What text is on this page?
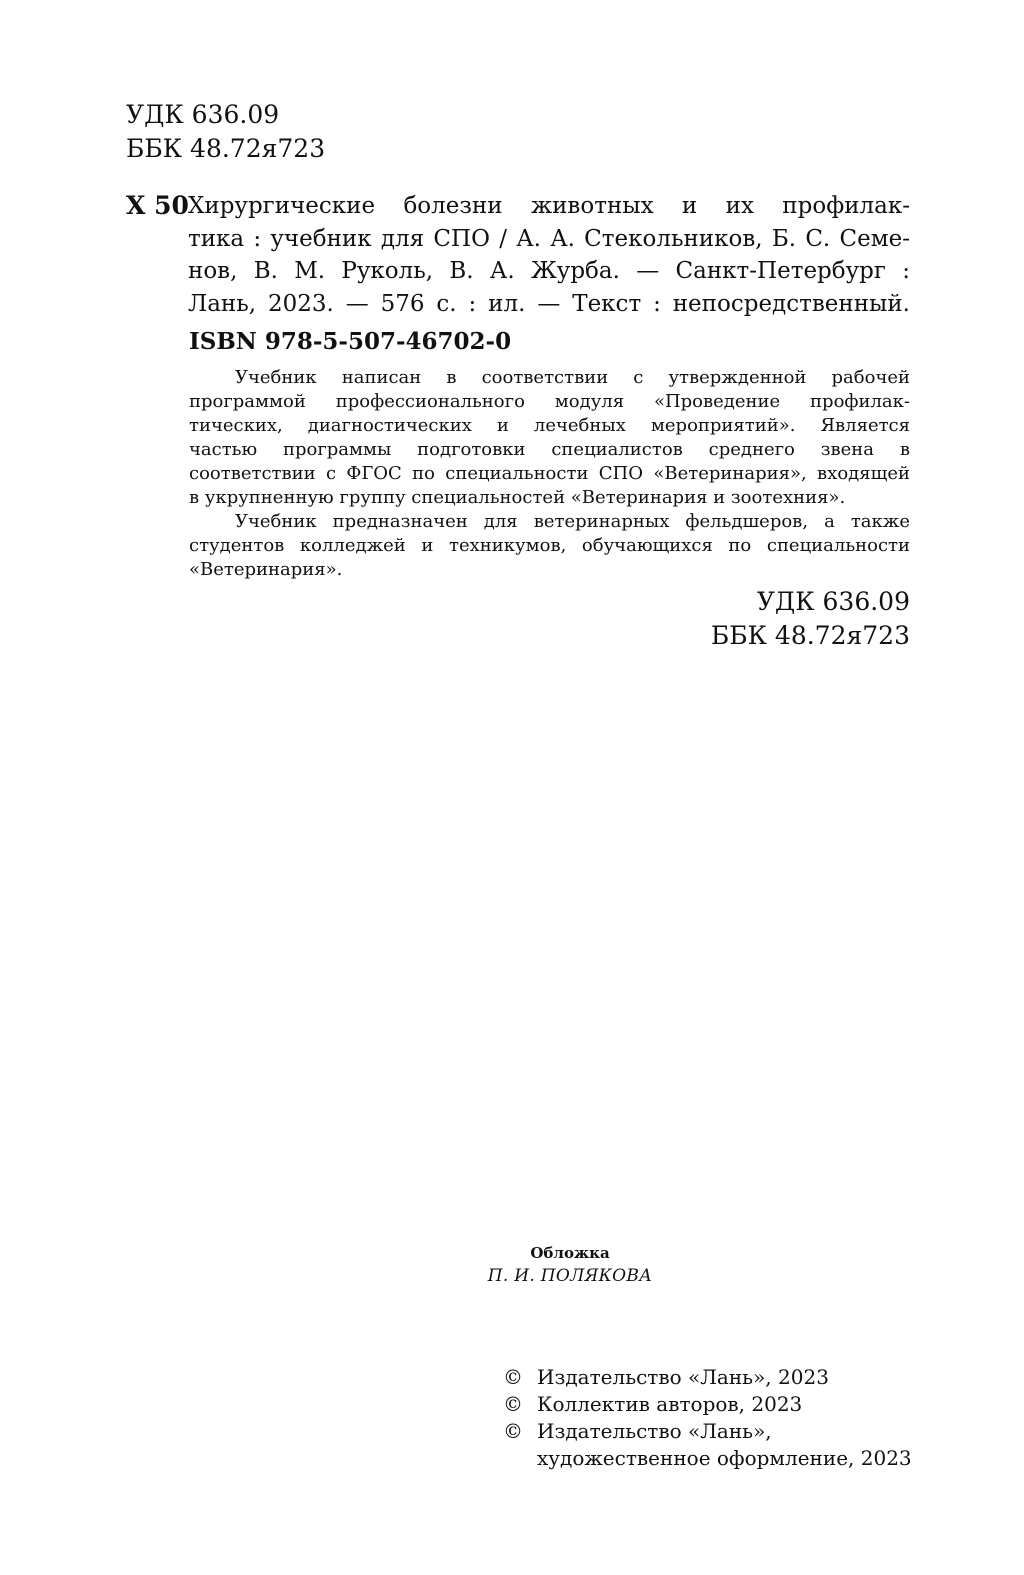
УДК 636.09
ББК 48.72я723
Х 50 Хирургические болезни животных и их профилак-
тика : учебник для СПО / А. А. Стекольников, Б. С. Семе-
нов, В. М. Руколь, В. А. Журба. — Санкт-Петербург :
Лань, 2023. — 576 с. : ил. — Текст : непосредственный.
ISBN 978-5-507-46702-0
Учебник написан в соответствии с утвержденной рабочей
программой профессионального модуля «Проведение профилак-
тических, диагностических и лечебных мероприятий». Является
частью программы подготовки специалистов среднего звена в
соответствии с ФГОС по специальности СПО «Ветеринария», входящей
в укрупненную группу специальностей «Ветеринария и зоотехния».
Учебник предназначен для ветеринарных фельдшеров, а также
студентов колледжей и техникумов, обучающихся по специальности
«Ветеринария».
УДК 636.09
ББК 48.72я723
Обложка
П. И. ПОЛЯКОВА
© Издательство «Лань», 2023
© Коллектив авторов, 2023
© Издательство «Лань»,
художественное оформление, 2023
